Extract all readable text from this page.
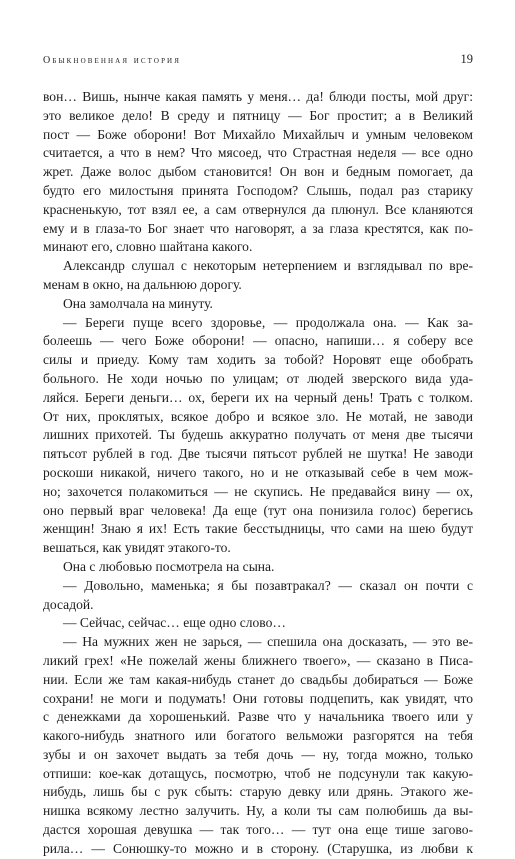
Обыкновенная история	19
вон… Вишь, нынче какая память у меня… да! блюди посты, мой друг:
это великое дело! В среду и пятницу — Бог простит; а в Великий
пост — Боже оборони! Вот Михайло Михайлыч и умным человеком
считается, а что в нем? Что мясоед, что Страстная неделя — все одно
жрет. Даже волос дыбом становится! Он вон и бедным помогает, да
будто его милостыня принята Господом? Слышь, подал раз старику
красненькую, тот взял ее, а сам отвернулся да плюнул. Все кланяются
ему и в глаза-то Бог знает что наговорят, а за глаза крестятся, как по-
минают его, словно шайтана какого.
Александр слушал с некоторым нетерпением и взглядывал по вре-
менам в окно, на дальнюю дорогу.
Она замолчала на минуту.
— Береги пуще всего здоровье, — продолжала она. — Как за-
болеешь — чего Боже оборони! — опасно, напиши… я соберу все
силы и приеду. Кому там ходить за тобой? Норовят еще обобрать
больного. Не ходи ночью по улицам; от людей зверского вида уда-
ляйся. Береги деньги… ох, береги их на черный день! Трать с толком.
От них, проклятых, всякое добро и всякое зло. Не мотай, не заводи
лишних прихотей. Ты будешь аккуратно получать от меня две тысячи
пятьсот рублей в год. Две тысячи пятьсот рублей не шутка! Не заводи
роскоши никакой, ничего такого, но и не отказывай себе в чем мож-
но; захочется полакомиться — не скупись. Не предавайся вину — ох,
оно первый враг человека! Да еще (тут она понизила голос) берегись
женщин! Знаю я их! Есть такие бесстыдницы, что сами на шею будут
вешаться, как увидят этакого-то.
Она с любовью посмотрела на сына.
— Довольно, маменька; я бы позавтракал? — сказал он почти с
досадой.
— Сейчас, сейчас… еще одно слово…
— На мужних жен не зарься, — спешила она досказать, — это ве-
ликий грех! «Не пожелай жены ближнего твоего», — сказано в Писа-
нии. Если же там какая-нибудь станет до свадьбы добираться — Боже
сохрани! не моги и подумать! Они готовы подцепить, как увидят, что
с денежками да хорошенький. Разве что у начальника твоего или у
какого-нибудь знатного или богатого вельможи разгорятся на тебя
зубы и он захочет выдать за тебя дочь — ну, тогда можно, только
отпиши: кое-как дотащусь, посмотрю, чтоб не подсунули так какую-
нибудь, лишь бы с рук сбыть: старую девку или дрянь. Этакого же-
нишка всякому лестно залучить. Ну, а коли ты сам полюбишь да вы-
дастся хорошая девушка — так того… — тут она еще тише загово-
рила… — Сонюшку-то можно и в сторону. (Старушка, из любви к
